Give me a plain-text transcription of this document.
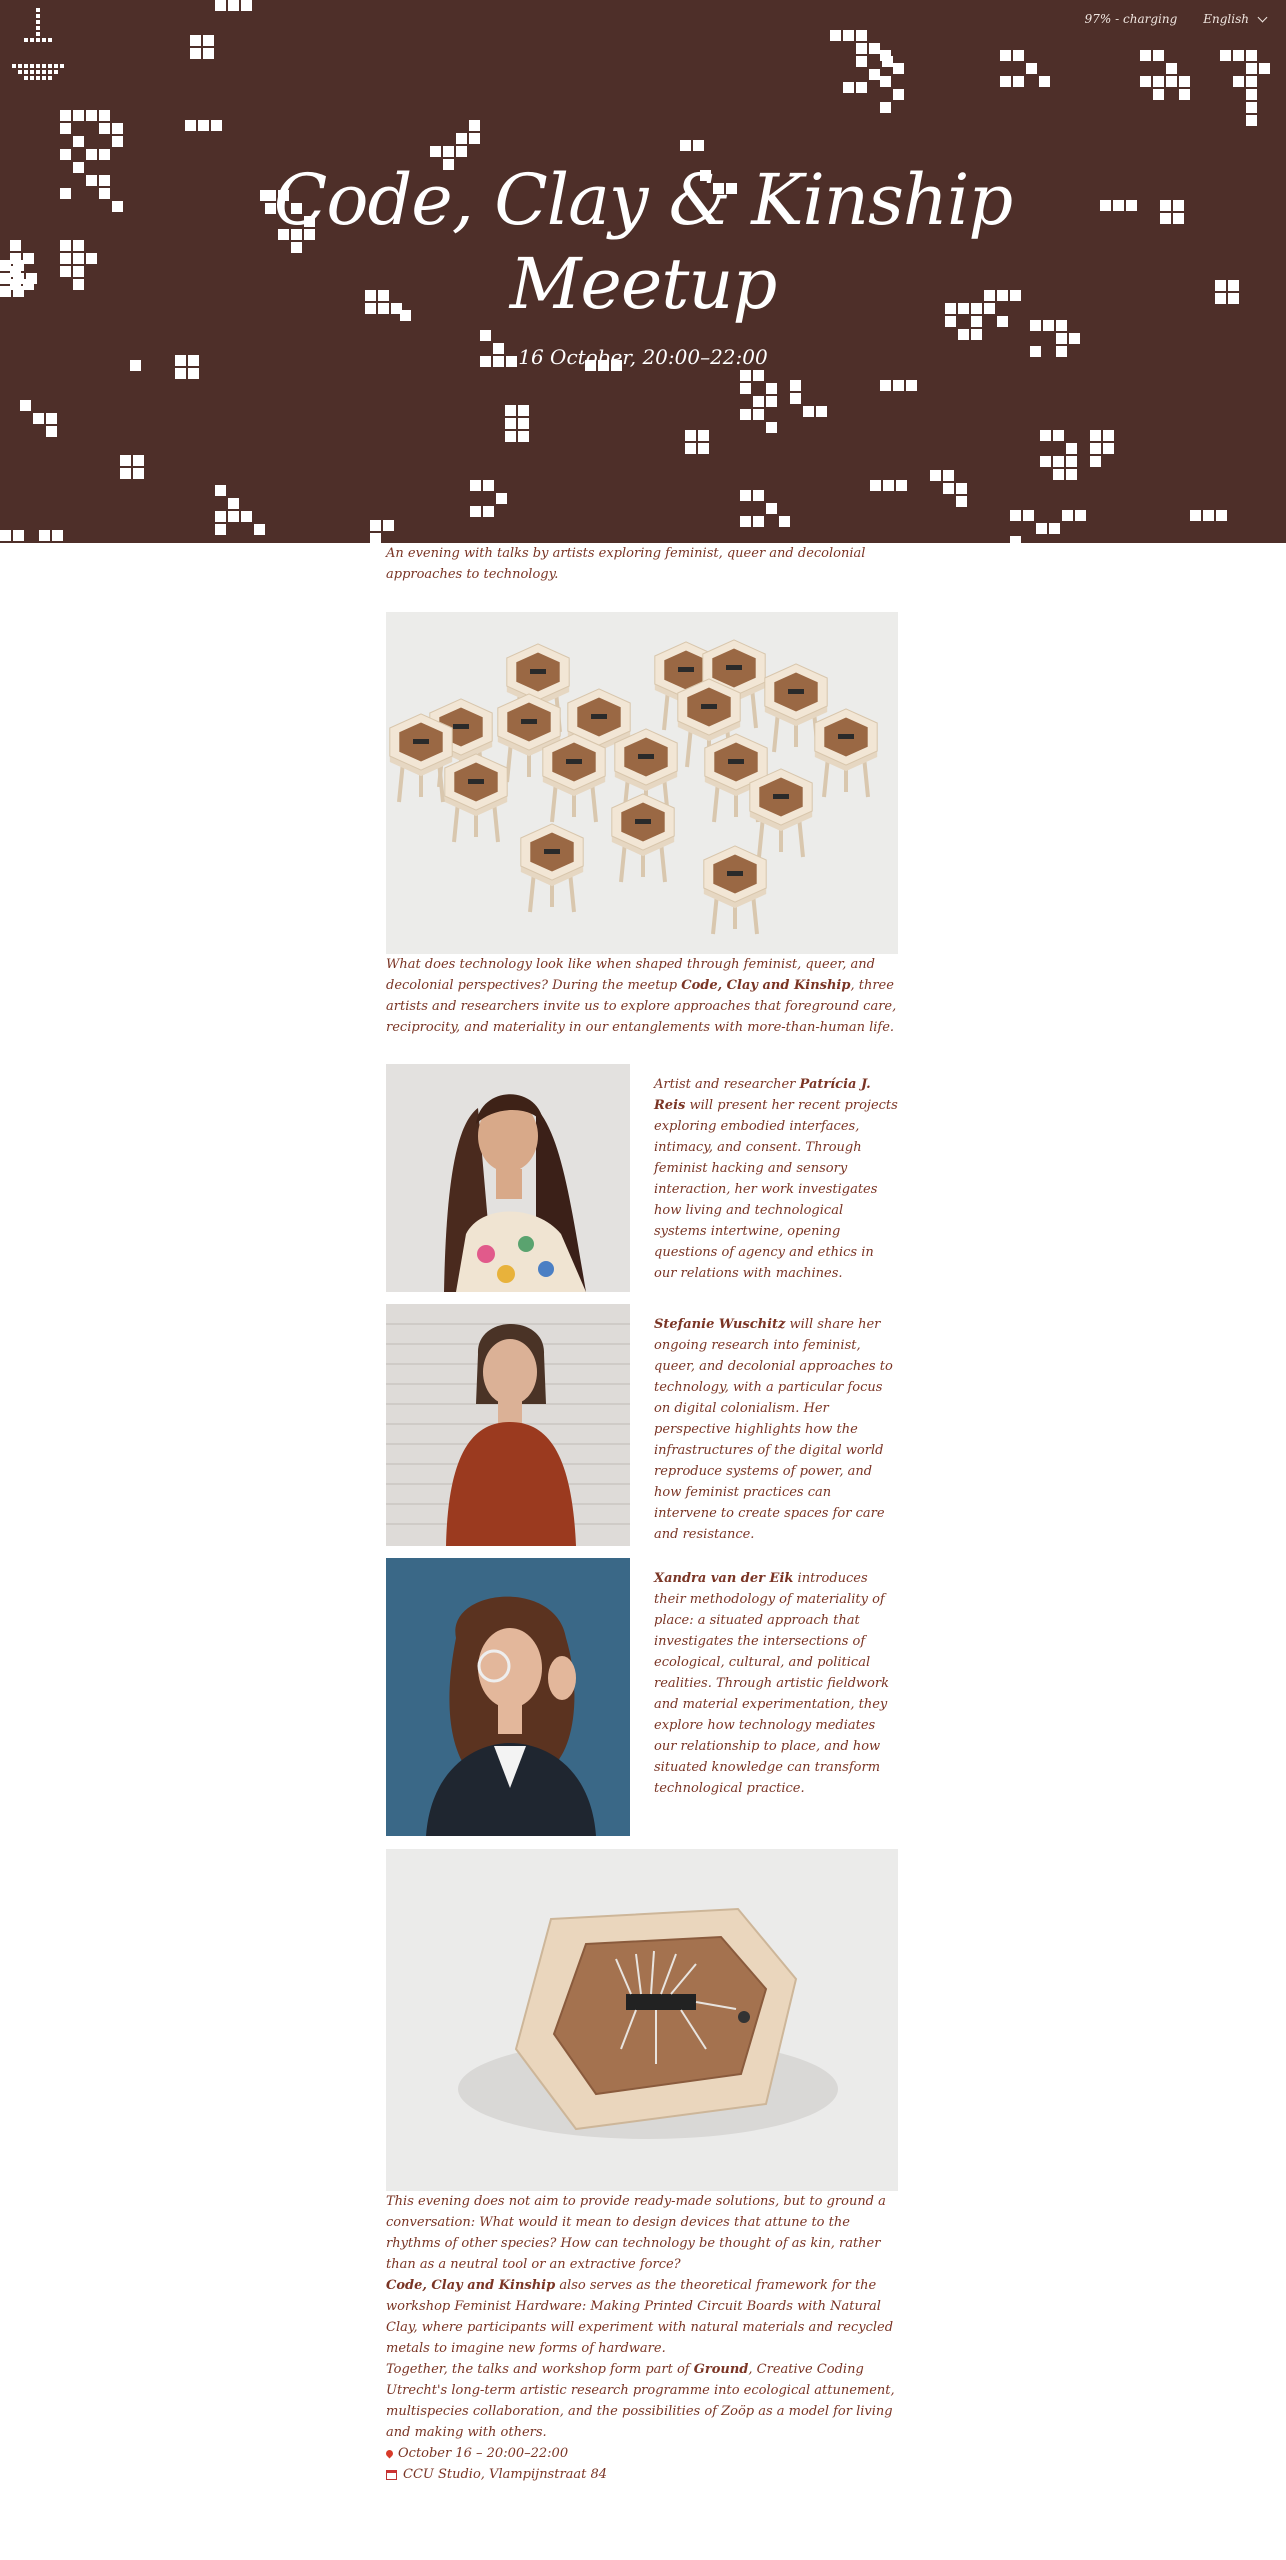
97% - charging English
Code, Clay & Kinship
Meetup
16 October, 20:00–22:00

An evening with talks by artists exploring feminist, queer and decolonial approaches to technology.

What does technology look like when shaped through feminist, queer, and decolonial perspectives? During the meetup Code, Clay and Kinship, three artists and researchers invite us to explore approaches that foreground care, reciprocity, and materiality in our entanglements with more-than-human life.

Artist and researcher Patrícia J. Reis will present her recent projects exploring embodied interfaces, intimacy, and consent. Through feminist hacking and sensory interaction, her work investigates how living and technological systems intertwine, opening questions of agency and ethics in our relations with machines.

Stefanie Wuschitz will share her ongoing research into feminist, queer, and decolonial approaches to technology, with a particular focus on digital colonialism. Her perspective highlights how the infrastructures of the digital world reproduce systems of power, and how feminist practices can intervene to create spaces for care and resistance.

Xandra van der Eik introduces their methodology of materiality of place: a situated approach that investigates the intersections of ecological, cultural, and political realities. Through artistic fieldwork and material experimentation, they explore how technology mediates our relationship to place, and how situated knowledge can transform technological practice.

This evening does not aim to provide ready-made solutions, but to ground a conversation: What would it mean to design devices that attune to the rhythms of other species? How can technology be thought of as kin, rather than as a neutral tool or an extractive force?

Code, Clay and Kinship also serves as the theoretical framework for the workshop Feminist Hardware: Making Printed Circuit Boards with Natural Clay, where participants will experiment with natural materials and recycled metals to imagine new forms of hardware.

Together, the talks and workshop form part of Ground, Creative Coding Utrecht's long-term artistic research programme into ecological attunement, multispecies collaboration, and the possibilities of Zoöp as a model for living and making with others.

October 16 – 20:00–22:00

CCU Studio, Vlampijnstraat 84
